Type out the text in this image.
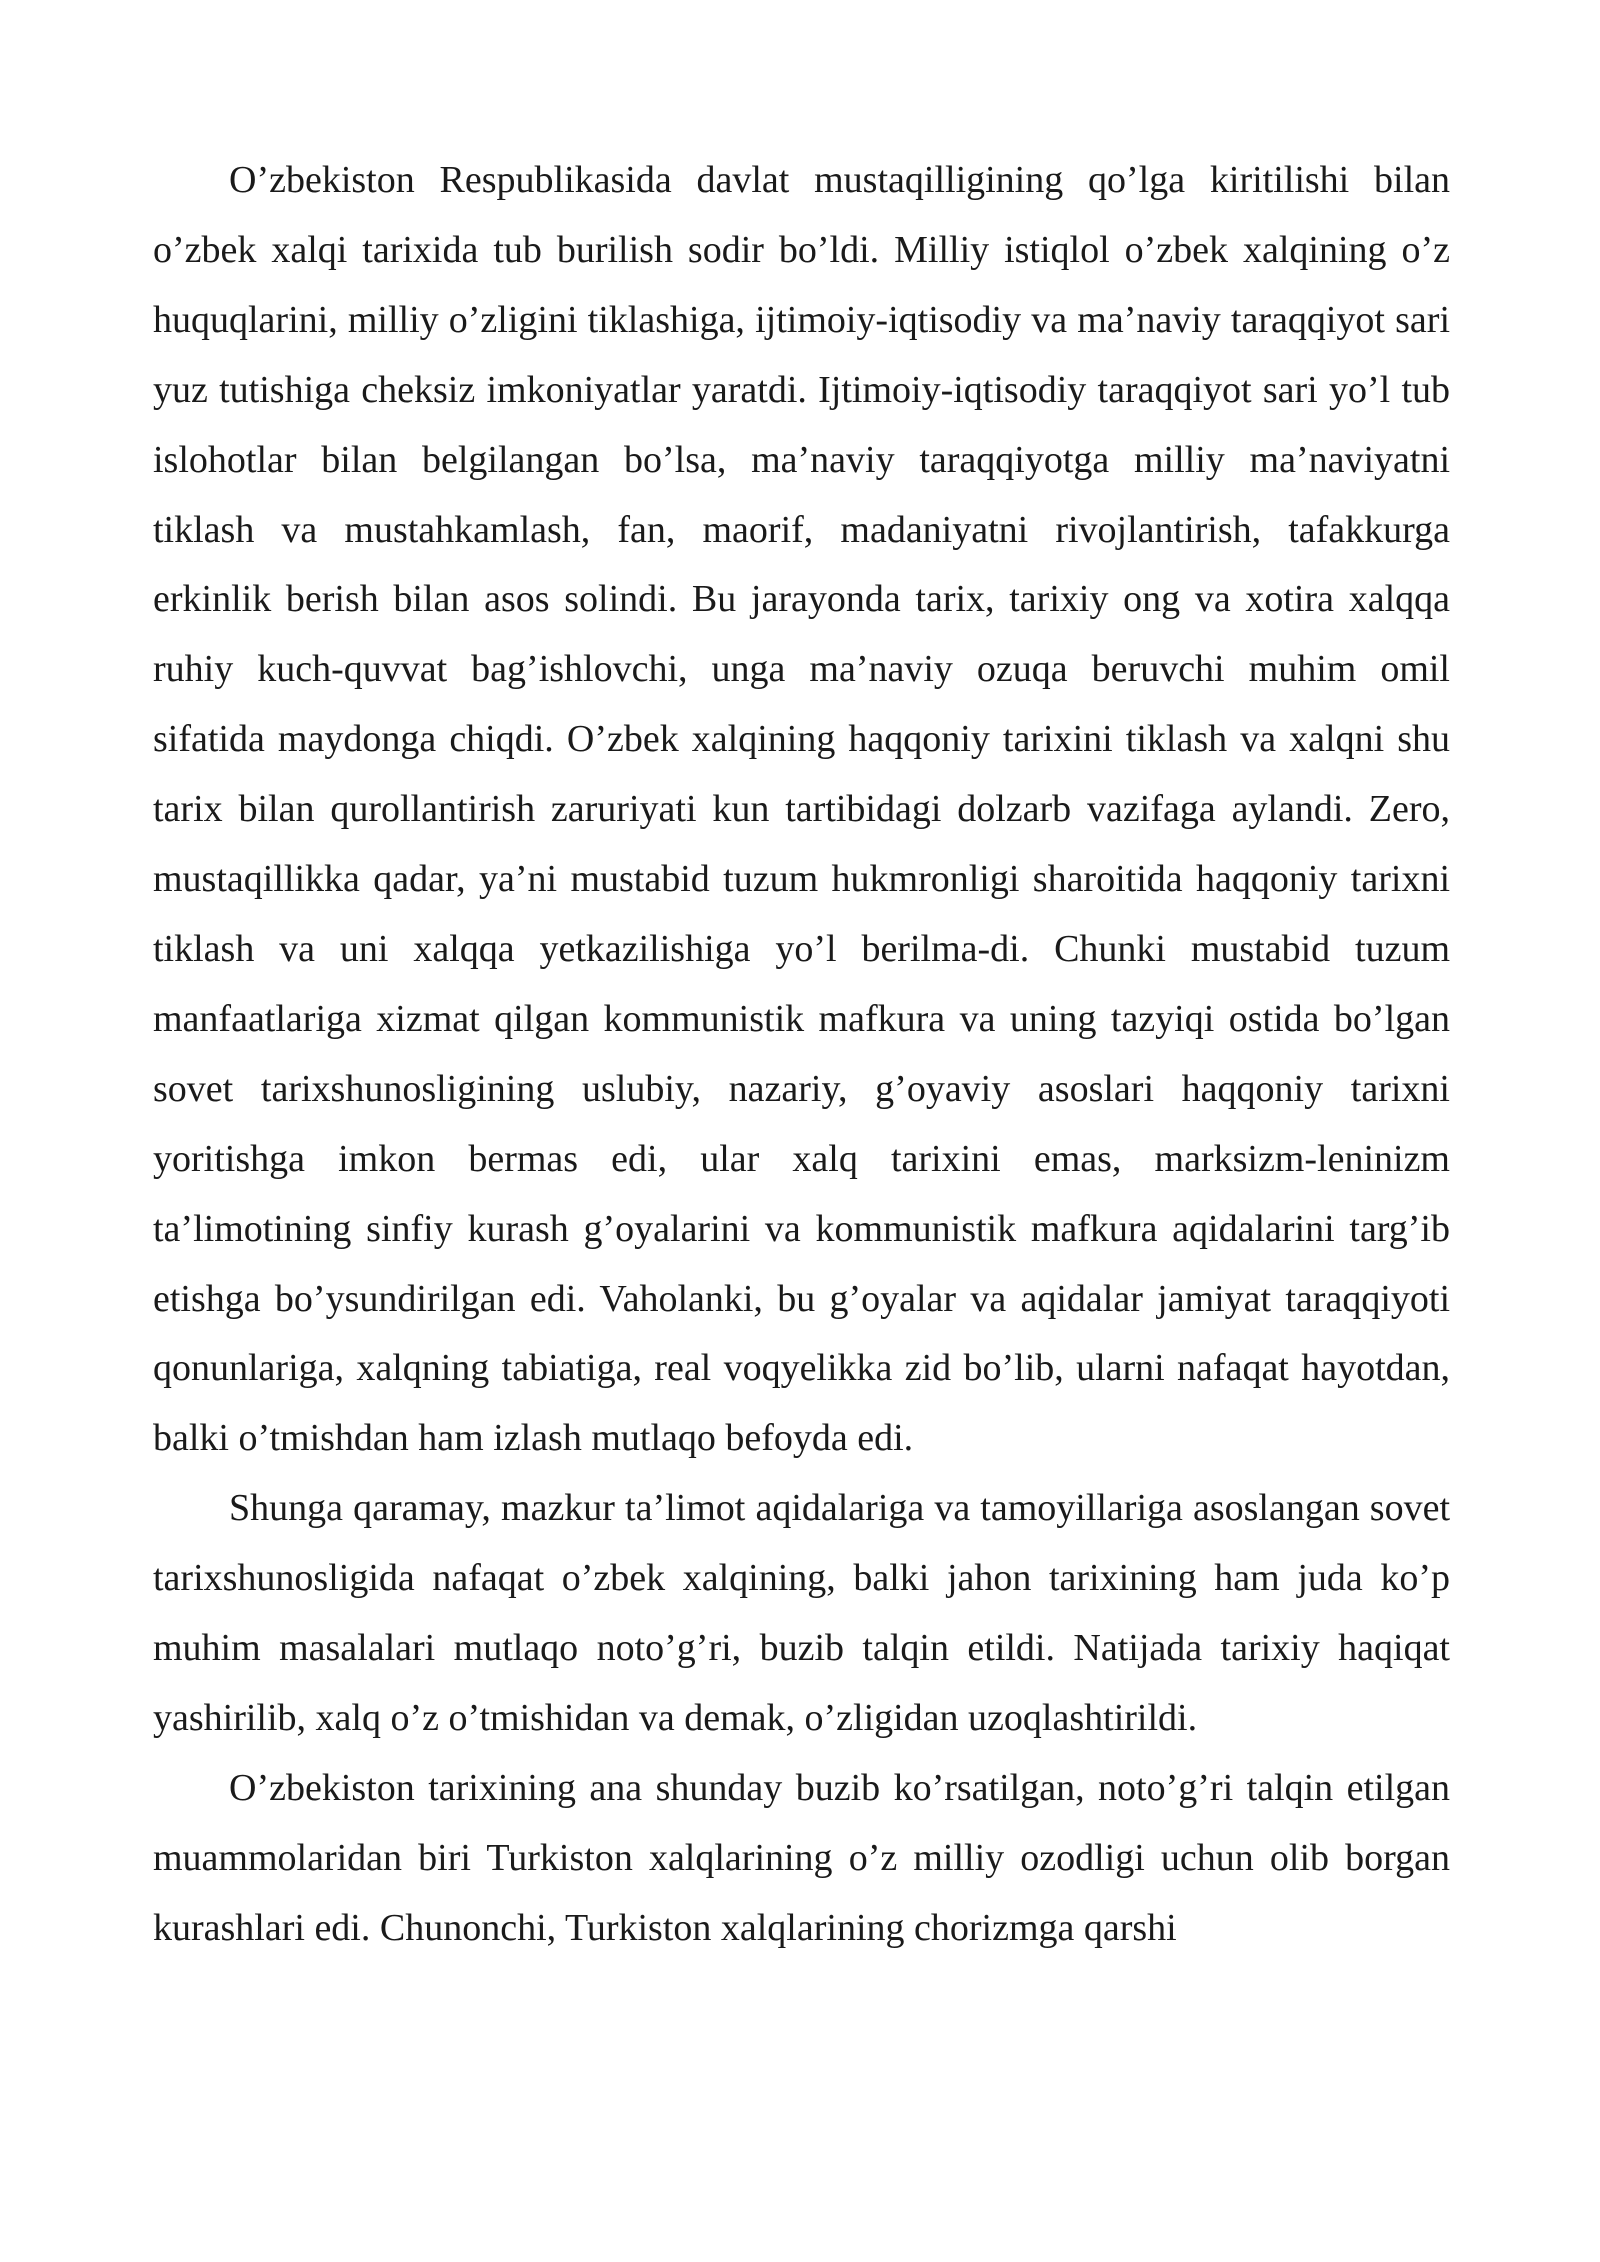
O’zbekiston Respublikasida davlat mustaqilligining qo’lga kiritilishi bilan o’zbek xalqi tarixida tub burilish sodir bo’ldi. Milliy istiqlol o’zbek xalqining o’z huquqlarini, milliy o’zligini tiklashiga, ijtimoiy-iqtisodiy va ma’naviy taraqqiyot sari yuz tutishiga cheksiz imkoniyatlar yaratdi. Ijtimoiy-iqtisodiy taraqqiyot sari yo’l tub islohotlar bilan belgilangan bo’lsa, ma’naviy taraqqiyotga milliy ma’naviyatni tiklash va mustahkamlash, fan, maorif, madaniyatni rivojlantirish, tafakkurga erkinlik berish bilan asos solindi. Bu jarayonda tarix, tarixiy ong va xotira xalqqa ruhiy kuch-quvvat bag’ishlovchi, unga ma’naviy ozuqa beruvchi muhim omil sifatida maydonga chiqdi. O’zbek xalqining haqqoniy tarixini tiklash va xalqni shu tarix bilan qurollantirish zaruriyati kun tartibidagi dolzarb vazifaga aylandi. Zero, mustaqillikka qadar, ya’ni mustabid tuzum hukmronligi sharoitida haqqoniy tarixni tiklash va uni xalqqa yetkazilishiga yo’l berilma-di. Chunki mustabid tuzum manfaatlariga xizmat qilgan kommunistik mafkura va uning tazyiqi ostida bo’lgan sovet tarixshunosligining uslubiy, nazariy, g’oyaviy asoslari haqqoniy tarixni yoritishga imkon bermas edi, ular xalq tarixini emas, marksizm-leninizm ta’limotining sinfiy kurash g’oyalarini va kommunistik mafkura aqidalarini targ’ib etishga bo’ysundirilgan edi. Vaholanki, bu g’oyalar va aqidalar jamiyat taraqqiyoti qonunlariga, xalqning tabiatiga, real voqyelikka zid bo’lib, ularni nafaqat hayotdan, balki o’tmishdan ham izlash mutlaqo befoyda edi.

Shunga qaramay, mazkur ta’limot aqidalariga va tamoyillariga asoslangan sovet tarixshunosligida nafaqat o’zbek xalqining, balki jahon tarixining ham juda ko’p muhim masalalari mutlaqo noto’g’ri, buzib talqin etildi. Natijada tarixiy haqiqat yashirilib, xalq o’z o’tmishidan va demak, o’zligidan uzoqlashtirildi.

O’zbekiston tarixining ana shunday buzib ko’rsatilgan, noto’g’ri talqin etilgan muammolaridan biri Turkiston xalqlarining o’z milliy ozodligi uchun olib borgan kurashlari edi. Chunonchi, Turkiston xalqlarining chorizmga qarshi
